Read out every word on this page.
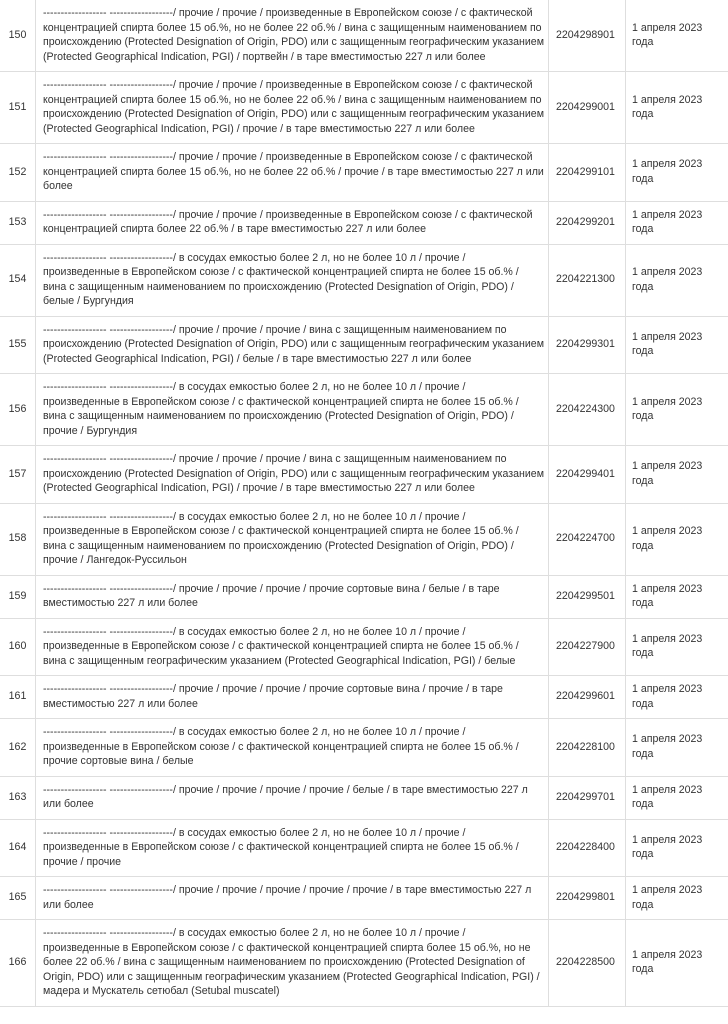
150	------------------ ------------------/ прочие / прочие / произведенные в Европейском союзе / с фактической концентрацией спирта более 15 об.%, но не более 22 об.% / вина с защищенным наименованием по происхождению (Protected Designation of Origin, PDO) или с защищенным географическим указанием (Protected Geographical Indication, PGI) / портвейн / в таре вместимостью 227 л или более	2204298901	1 апреля 2023 года
151	------------------ ------------------/ прочие / прочие / произведенные в Европейском союзе / с фактической концентрацией спирта более 15 об.%, но не более 22 об.% / вина с защищенным наименованием по происхождению (Protected Designation of Origin, PDO) или с защищенным географическим указанием (Protected Geographical Indication, PGI) / прочие / в таре вместимостью 227 л или более	2204299001	1 апреля 2023 года
152	------------------ ------------------/ прочие / прочие / произведенные в Европейском союзе / с фактической концентрацией спирта более 15 об.%, но не более 22 об.% / прочие / в таре вместимостью 227 л или более	2204299101	1 апреля 2023 года
153	------------------ ------------------/ прочие / прочие / произведенные в Европейском союзе / с фактической концентрацией спирта более 22 об.% / в таре вместимостью 227 л или более	2204299201	1 апреля 2023 года
154	------------------ ------------------/ в сосудах емкостью более 2 л, но не более 10 л / прочие / произведенные в Европейском союзе / с фактической концентрацией спирта не более 15 об.% / вина с защищенным наименованием по происхождению (Protected Designation of Origin, PDO) / белые / Бургундия	2204221300	1 апреля 2023 года
155	------------------ ------------------/ прочие / прочие / прочие / вина с защищенным наименованием по происхождению (Protected Designation of Origin, PDO) или с защищенным географическим указанием (Protected Geographical Indication, PGI) / белые / в таре вместимостью 227 л или более	2204299301	1 апреля 2023 года
156	------------------ ------------------/ в сосудах емкостью более 2 л, но не более 10 л / прочие / произведенные в Европейском союзе / с фактической концентрацией спирта не более 15 об.% / вина с защищенным наименованием по происхождению (Protected Designation of Origin, PDO) / прочие / Бургундия	2204224300	1 апреля 2023 года
157	------------------ ------------------/ прочие / прочие / прочие / вина с защищенным наименованием по происхождению (Protected Designation of Origin, PDO) или с защищенным географическим указанием (Protected Geographical Indication, PGI) / прочие / в таре вместимостью 227 л или более	2204299401	1 апреля 2023 года
158	------------------ ------------------/ в сосудах емкостью более 2 л, но не более 10 л / прочие / произведенные в Европейском союзе / с фактической концентрацией спирта не более 15 об.% / вина с защищенным наименованием по происхождению (Protected Designation of Origin, PDO) / прочие / Лангедок-Руссильон	2204224700	1 апреля 2023 года
159	------------------ ------------------/ прочие / прочие / прочие / прочие сортовые вина / белые / в таре вместимостью 227 л или более	2204299501	1 апреля 2023 года
160	------------------ ------------------/ в сосудах емкостью более 2 л, но не более 10 л / прочие / произведенные в Европейском союзе / с фактической концентрацией спирта не более 15 об.% / вина с защищенным географическим указанием (Protected Geographical Indication, PGI) / белые	2204227900	1 апреля 2023 года
161	------------------ ------------------/ прочие / прочие / прочие / прочие сортовые вина / прочие / в таре вместимостью 227 л или более	2204299601	1 апреля 2023 года
162	------------------ ------------------/ в сосудах емкостью более 2 л, но не более 10 л / прочие / произведенные в Европейском союзе / с фактической концентрацией спирта не более 15 об.% / прочие сортовые вина / белые	2204228100	1 апреля 2023 года
163	------------------ ------------------/ прочие / прочие / прочие / прочие / белые / в таре вместимостью 227 л или более	2204299701	1 апреля 2023 года
164	------------------ ------------------/ в сосудах емкостью более 2 л, но не более 10 л / прочие / произведенные в Европейском союзе / с фактической концентрацией спирта не более 15 об.% / прочие / прочие	2204228400	1 апреля 2023 года
165	------------------ ------------------/ прочие / прочие / прочие / прочие / прочие / в таре вместимостью 227 л или более	2204299801	1 апреля 2023 года
166	------------------ ------------------/ в сосудах емкостью более 2 л, но не более 10 л / прочие / произведенные в Европейском союзе / с фактической концентрацией спирта более 15 об.%, но не более 22 об.% / вина с защищенным наименованием по происхождению (Protected Designation of Origin, PDO) или с защищенным географическим указанием (Protected Geographical Indication, PGI) / мадера и Мускатель сетюбал (Setubal muscatel)	2204228500	1 апреля 2023 года
